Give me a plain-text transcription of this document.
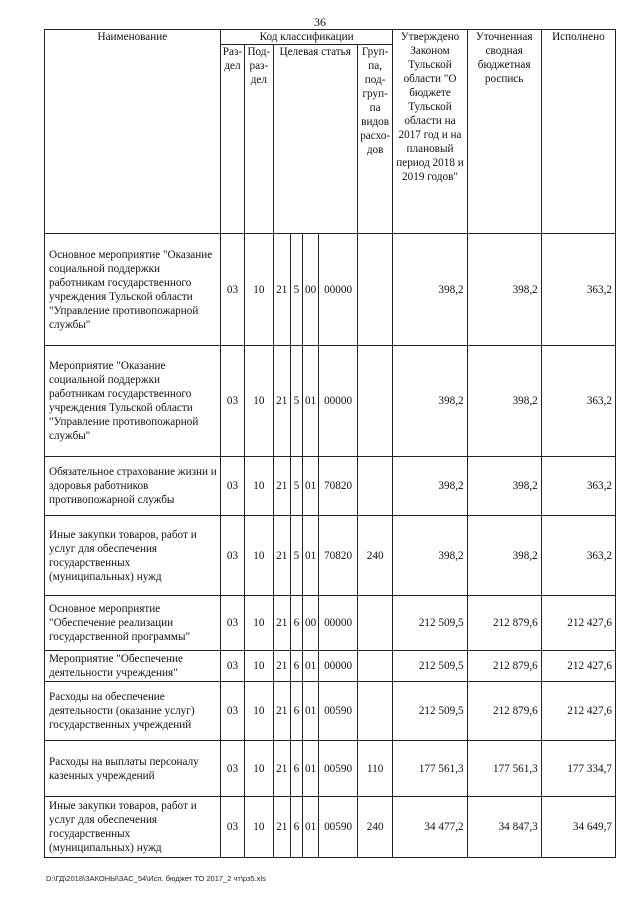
36
Наименование	Код классификации							Утверждено Законом Тульской области "О бюджете Тульской области на 2017 год и на плановый период 2018 и 2019 годов"	Уточненная сводная бюджетная роспись	Исполнено
	Раз-дел	Под-раз-дел	Целевая статья				Груп-па, под-груп-па видов расхо-дов			
Основное мероприятие "Оказание социальной поддержки работникам государственного учреждения Тульской области "Управление противопожарной службы"	03	10	21	5	00	00000		398,2	398,2	363,2
Мероприятие "Оказание социальной поддержки работникам государственного учреждения Тульской области "Управление противопожарной службы"	03	10	21	5	01	00000		398,2	398,2	363,2
Обязательное страхование жизни и здоровья работников противопожарной службы	03	10	21	5	01	70820		398,2	398,2	363,2
Иные закупки товаров, работ и услуг для обеспечения государственных (муниципальных) нужд	03	10	21	5	01	70820	240	398,2	398,2	363,2
Основное мероприятие "Обеспечение реализации государственной программы"	03	10	21	6	00	00000		212 509,5	212 879,6	212 427,6
Мероприятие "Обеспечение деятельности учреждения"	03	10	21	6	01	00000		212 509,5	212 879,6	212 427,6
Расходы на обеспечение деятельности (оказание услуг) государственных учреждений	03	10	21	6	01	00590		212 509,5	212 879,6	212 427,6
Расходы на выплаты персоналу казенных учреждений	03	10	21	6	01	00590	110	177 561,3	177 561,3	177 334,7
Иные закупки товаров, работ и услуг для обеспечения государственных (муниципальных) нужд	03	10	21	6	01	00590	240	34 477,2	34 847,3	34 649,7
D:\ГД\2018\ЗАКОНЫ\ЗАС_54\Исп. бюджет ТО 2017_2 чт\рз5.xls
